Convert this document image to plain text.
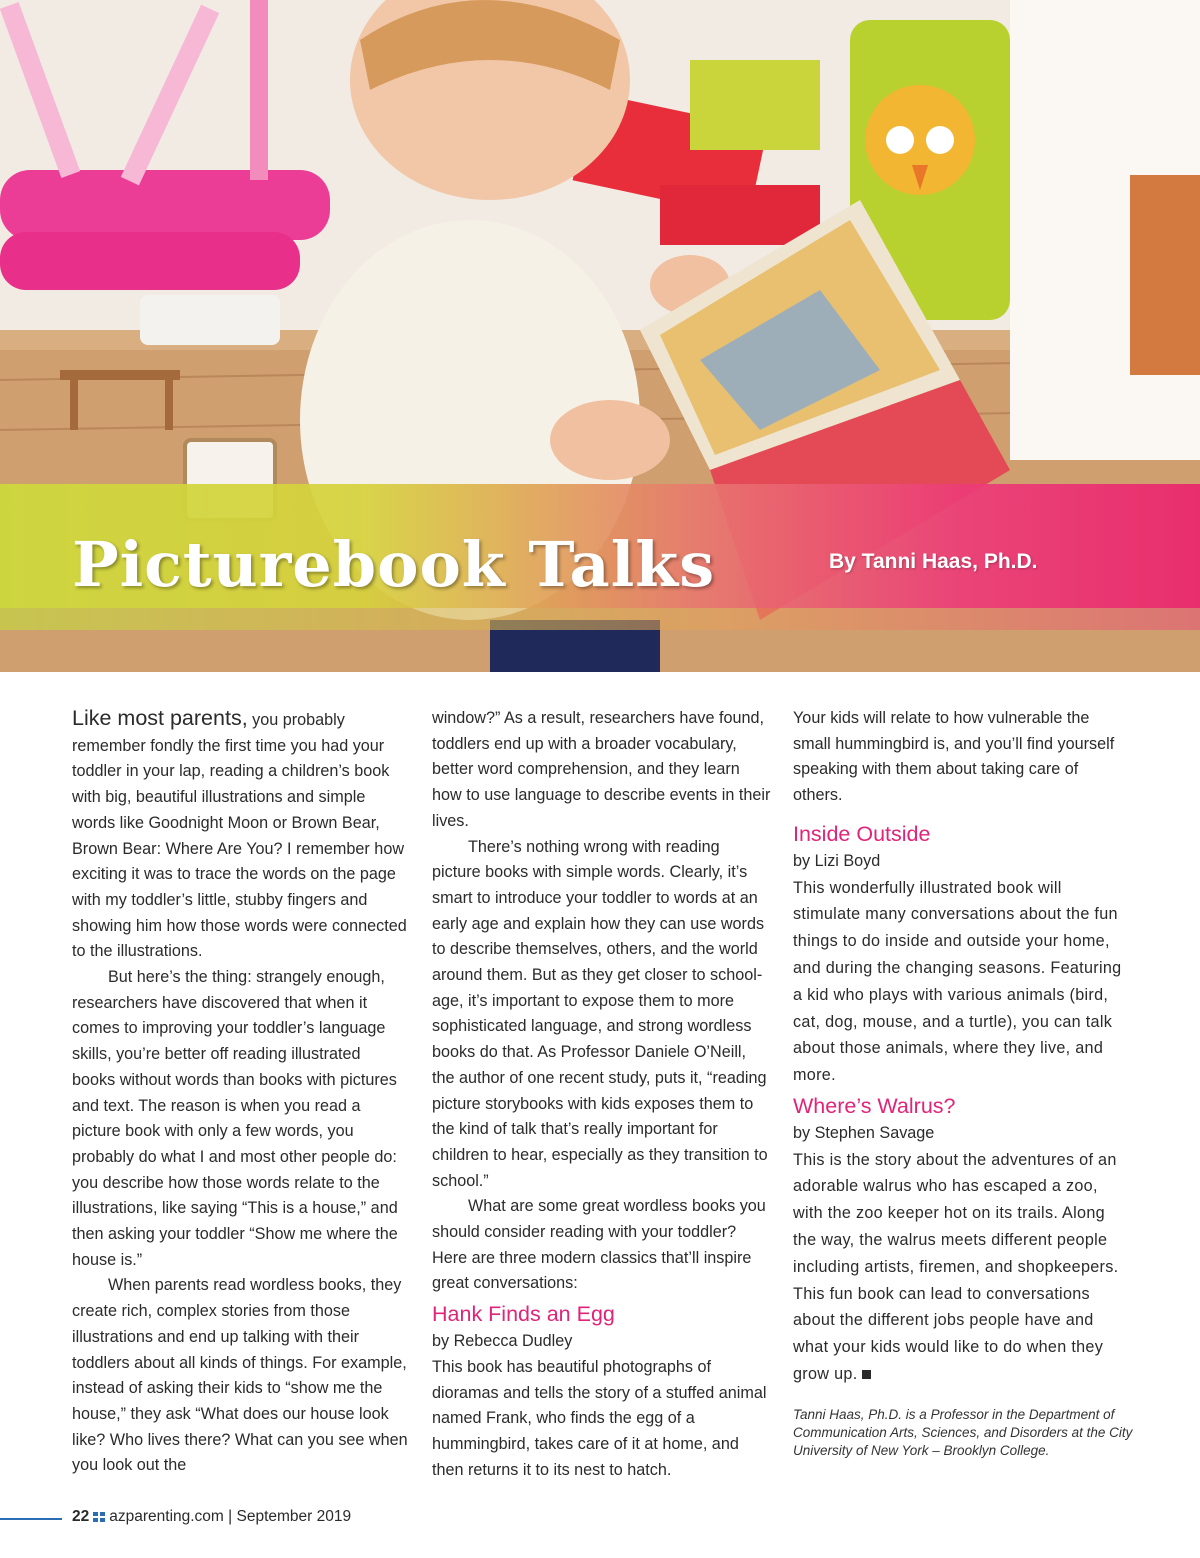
Picturebook Talks	By Tanni Haas, Ph.D.

Like most parents, you probably remember fondly the first time you had your toddler in your lap, reading a children’s book with big, beautiful illustrations and simple words like Goodnight Moon or Brown Bear, Brown Bear: Where Are You? I remember how exciting it was to trace the words on the page with my toddler’s little, stubby fingers and showing him how those words were connected to the illustrations.

But here’s the thing: strangely enough, researchers have discovered that when it comes to improving your toddler’s language skills, you’re better off reading illustrated books without words than books with pictures and text. The reason is when you read a picture book with only a few words, you probably do what I and most other people do: you describe how those words relate to the illustrations, like saying “This is a house,” and then asking your toddler “Show me where the house is.”

When parents read wordless books, they create rich, complex stories from those illustrations and end up talking with their toddlers about all kinds of things. For example, instead of asking their kids to “show me the house,” they ask “What does our house look like? Who lives there? What can you see when you look out the

window?” As a result, researchers have found, toddlers end up with a broader vocabulary, better word comprehension, and they learn how to use language to describe events in their lives.

There’s nothing wrong with reading picture books with simple words. Clearly, it’s smart to introduce your toddler to words at an early age and explain how they can use words to describe themselves, others, and the world around them. But as they get closer to school-age, it’s important to expose them to more sophisticated language, and strong wordless books do that. As Professor Daniele O’Neill, the author of one recent study, puts it, “reading picture storybooks with kids exposes them to the kind of talk that’s really important for children to hear, especially as they transition to school.”

What are some great wordless books you should consider reading with your toddler? Here are three modern classics that’ll inspire great conversations:

Hank Finds an Egg

by Rebecca Dudley

This book has beautiful photographs of dioramas and tells the story of a stuffed animal named Frank, who finds the egg of a hummingbird, takes care of it at home, and then returns it to its nest to hatch.

Your kids will relate to how vulnerable the small hummingbird is, and you’ll find yourself speaking with them about taking care of others.

Inside Outside

by Lizi Boyd

This wonderfully illustrated book will stimulate many conversations about the fun things to do inside and outside your home, and during the changing seasons. Featuring a kid who plays with various animals (bird, cat, dog, mouse, and a turtle), you can talk about those animals, where they live, and more.

Where’s Walrus?

by Stephen Savage

This is the story about the adventures of an adorable walrus who has escaped a zoo, with the zoo keeper hot on its trails. Along the way, the walrus meets different people including artists, firemen, and shopkeepers. This fun book can lead to conversations about the different jobs people have and what your kids would like to do when they grow up.

Tanni Haas, Ph.D. is a Professor in the Department of Communication Arts, Sciences, and Disorders at the City University of New York – Brooklyn College.
22 azparenting.com | September 2019
